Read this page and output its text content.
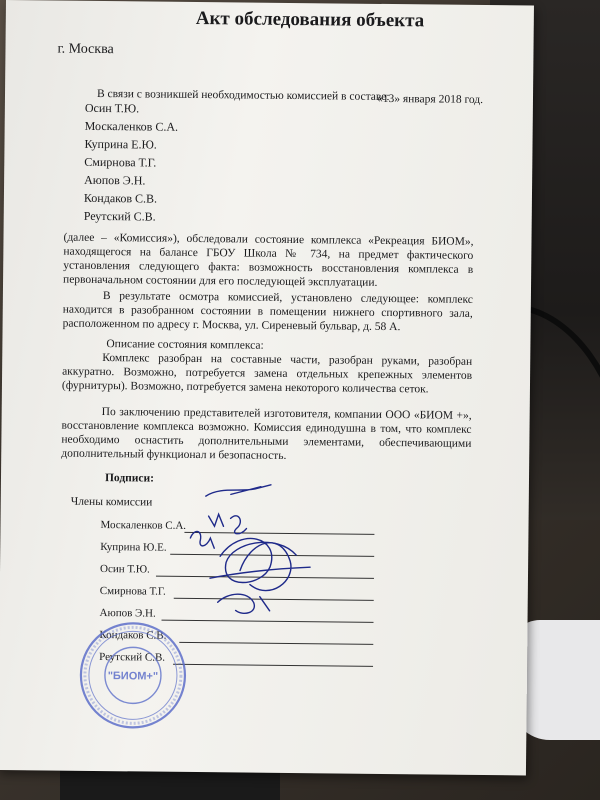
Акт обследования объекта
г. Москва
«13» января 2018 год.
В связи с возникшей необходимостью комиссией в составе:
Осин Т.Ю.
Москаленков С.А.
Куприна Е.Ю.
Смирнова Т.Г.
Аюпов Э.Н.
Кондаков С.В.
Реутский С.В.
(далее – «Комиссия»), обследовали состояние комплекса «Рекреация БИОМ», находящегося на балансе ГБОУ Школа № 734, на предмет фактического установления следующего факта: возможность восстановления комплекса в первоначальном состоянии для его последующей эксплуатации.
В результате осмотра комиссией, установлено следующее: комплекс находится в разобранном состоянии в помещении нижнего спортивного зала, расположенном по адресу г. Москва, ул. Сиреневый бульвар, д. 58 А.
Описание состояния комплекса:
Комплекс разобран на составные части, разобран руками, разобран аккуратно. Возможно, потребуется замена отдельных крепежных элементов (фурнитуры). Возможно, потребуется замена некоторого количества сеток.
По заключению представителей изготовителя, компании ООО «БИОМ +», восстановление комплекса возможно. Комиссия единодушна в том, что комплекс необходимо оснастить дополнительными элементами, обеспечивающими дополнительный функционал и безопасность.
Подписи:
Члены комиссии
Москаленков С.А.
Куприна Ю.Е.
Осин Т.Ю.
Смирнова Т.Г.
Аюпов Э.Н.
Кондаков С.В.
Реутский С.В.
"БИОМ+"
